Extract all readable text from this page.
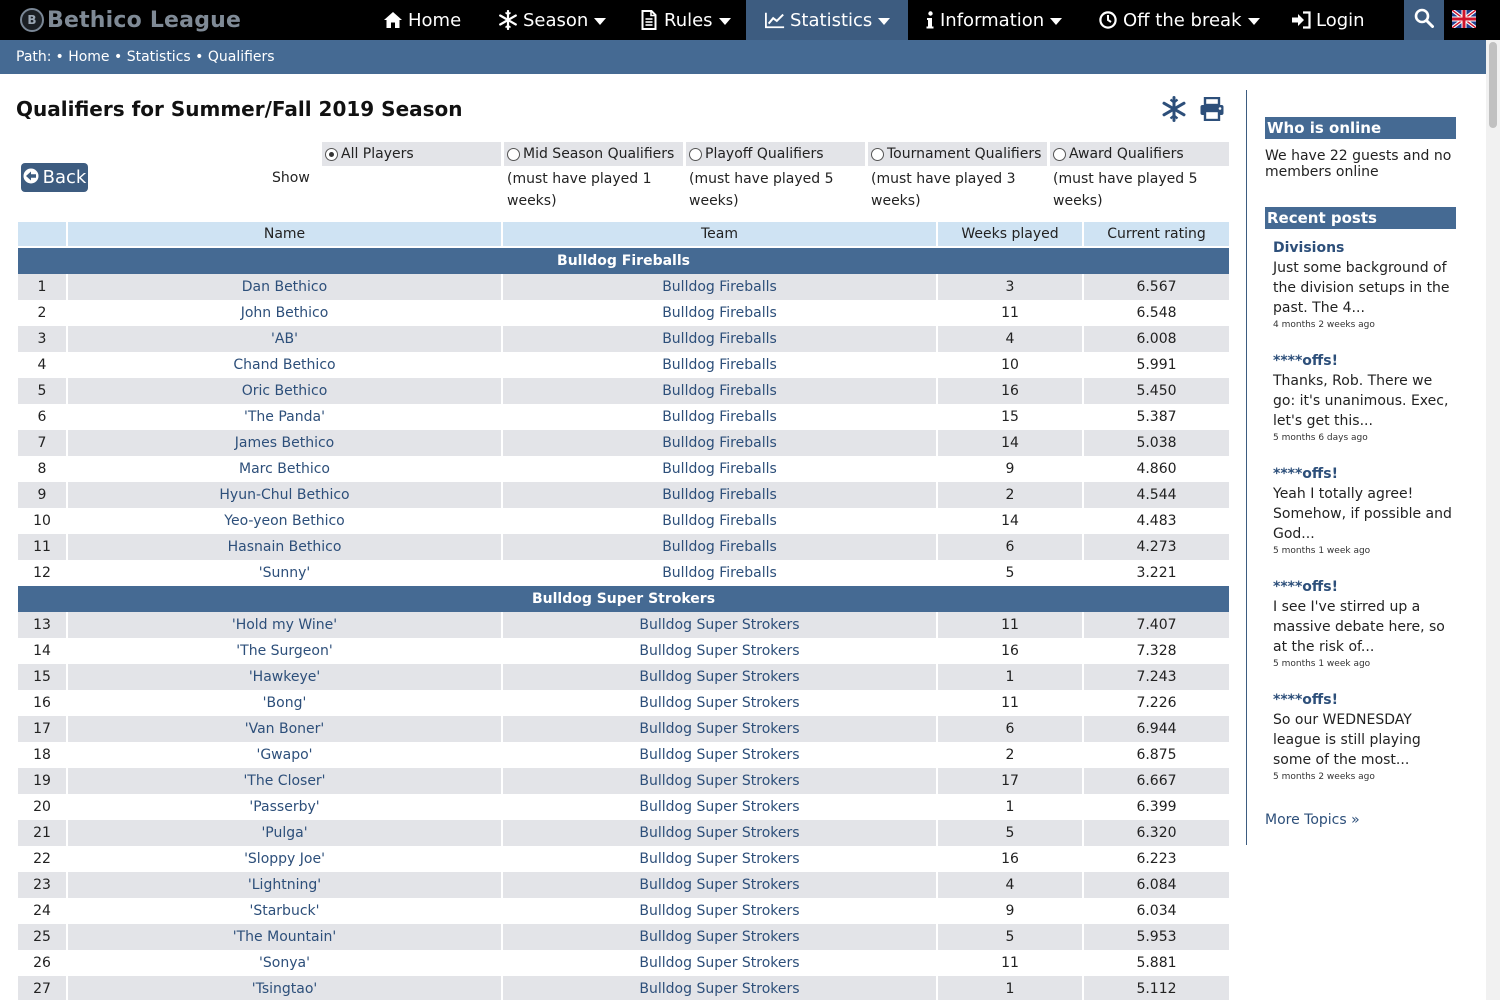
B Bethico League	Home	Season	Rules	Statistics	Information	Off the break	Login
Path: • Home • Statistics • Qualifiers
Qualifiers for Summer/Fall 2019 Season
Back	Show
All Players	Mid Season Qualifiers
(must have played 1 weeks)
Playoff Qualifiers
(must have played 5 weeks)
Tournament Qualifiers
(must have played 3 weeks)
Award Qualifiers
(must have played 5 weeks)
	Name	Team	Weeks played	Current rating
Bulldog Fireballs				
1	Dan Bethico	Bulldog Fireballs	3	6.567
2	John Bethico	Bulldog Fireballs	11	6.548
3	'AB'	Bulldog Fireballs	4	6.008
4	Chand Bethico	Bulldog Fireballs	10	5.991
5	Oric Bethico	Bulldog Fireballs	16	5.450
6	'The Panda'	Bulldog Fireballs	15	5.387
7	James Bethico	Bulldog Fireballs	14	5.038
8	Marc Bethico	Bulldog Fireballs	9	4.860
9	Hyun-Chul Bethico	Bulldog Fireballs	2	4.544
10	Yeo-yeon Bethico	Bulldog Fireballs	14	4.483
11	Hasnain Bethico	Bulldog Fireballs	6	4.273
12	'Sunny'	Bulldog Fireballs	5	3.221
Bulldog Super Strokers				
13	'Hold my Wine'	Bulldog Super Strokers	11	7.407
14	'The Surgeon'	Bulldog Super Strokers	16	7.328
15	'Hawkeye'	Bulldog Super Strokers	1	7.243
16	'Bong'	Bulldog Super Strokers	11	7.226
17	'Van Boner'	Bulldog Super Strokers	6	6.944
18	'Gwapo'	Bulldog Super Strokers	2	6.875
19	'The Closer'	Bulldog Super Strokers	17	6.667
20	'Passerby'	Bulldog Super Strokers	1	6.399
21	'Pulga'	Bulldog Super Strokers	5	6.320
22	'Sloppy Joe'	Bulldog Super Strokers	16	6.223
23	'Lightning'	Bulldog Super Strokers	4	6.084
24	'Starbuck'	Bulldog Super Strokers	9	6.034
25	'The Mountain'	Bulldog Super Strokers	5	5.953
26	'Sonya'	Bulldog Super Strokers	11	5.881
27	'Tsingtao'	Bulldog Super Strokers	1	5.112
Who is online
We have 22 guests and no members online
Recent posts
Divisions
Just some background of the division setups in the past. The 4...
4 months 2 weeks ago
****offs!
Thanks, Rob. There we go: it's unanimous. Exec, let's get this...
5 months 6 days ago
****offs!
Yeah I totally agree! Somehow, if possible and God...
5 months 1 week ago
****offs!
I see I've stirred up a massive debate here, so at the risk of...
5 months 1 week ago
****offs!
So our WEDNESDAY league is still playing some of the most...
5 months 2 weeks ago
More Topics »
